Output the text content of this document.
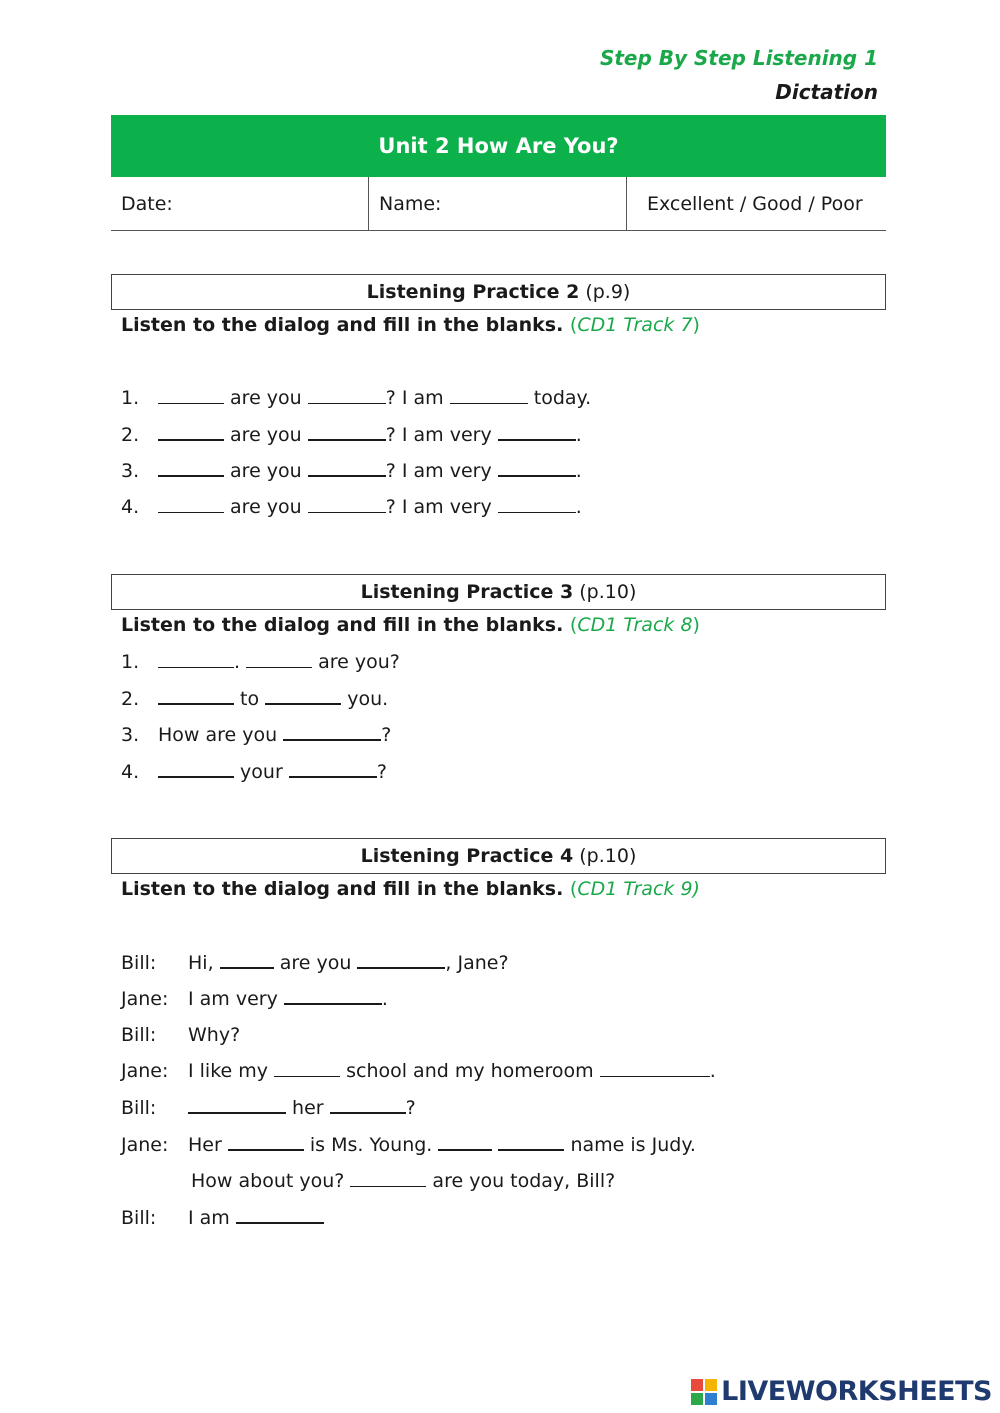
Step By Step Listening 1
Dictation
Unit 2 How Are You?
Date:	Name:	Excellent / Good / Poor
Listening Practice 2 (p.9)
Listen to the dialog and fill in the blanks. (CD1 Track 7)
1.	are you	? I am	today.
2.	are you	? I am very	.
3.	are you	? I am very	.
4.	are you	? I am very	.
Listening Practice 3 (p.10)
Listen to the dialog and fill in the blanks. (CD1 Track 8)
1.	.	are you?
2.	to	you.
3. How are you	?
4.	your	?
Listening Practice 4 (p.10)
Listen to the dialog and fill in the blanks. (CD1 Track 9)
Bill: Hi,	are you	, Jane?
Jane: I am very	.
Bill: Why?
Jane: I like my	school and my homeroom	.
Bill:	her	?
Jane: Her	is Ms. Young.	name is Judy.
How about you?	are you today, Bill?
Bill: I am
LIVEWORKSHEETS
